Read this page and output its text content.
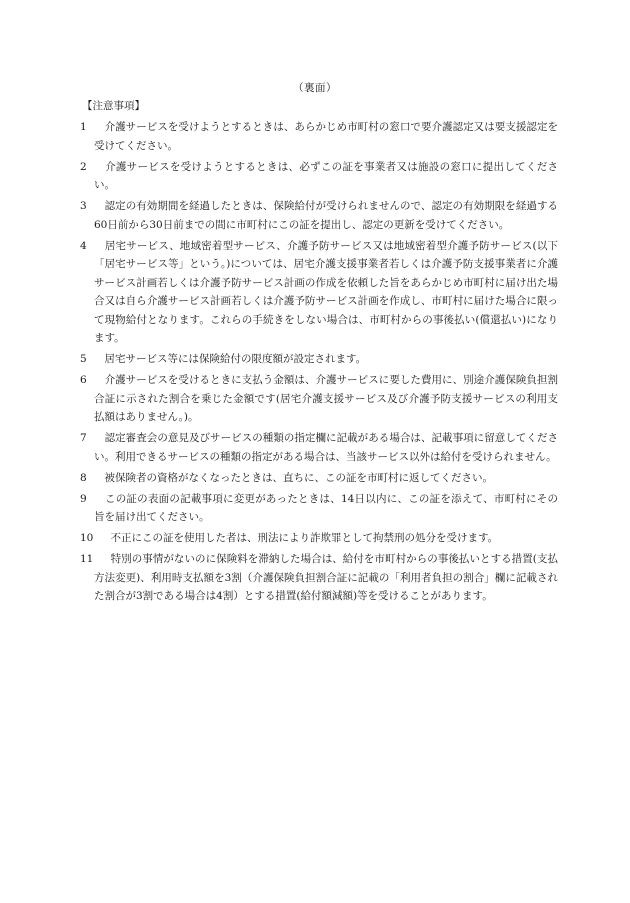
（裏面）
【注意事項】
1　介護サービスを受けようとするときは、あらかじめ市町村の窓口で要介護認定又は要支援認定を受けてください。
2　介護サービスを受けようとするときは、必ずこの証を事業者又は施設の窓口に提出してください。
3　認定の有効期間を経過したときは、保険給付が受けられませんので、認定の有効期限を経過する60日前から30日前までの間に市町村にこの証を提出し、認定の更新を受けてください。
4　居宅サービス、地域密着型サービス、介護予防サービス又は地域密着型介護予防サービス(以下「居宅サービス等」という。)については、居宅介護支援事業者若しくは介護予防支援事業者に介護サービス計画若しくは介護予防サービス計画の作成を依頼した旨をあらかじめ市町村に届け出た場合又は自ら介護サービス計画若しくは介護予防サービス計画を作成し、市町村に届けた場合に限って現物給付となります。これらの手続きをしない場合は、市町村からの事後払い(償還払い)になります。
5　居宅サービス等には保険給付の限度額が設定されます。
6　介護サービスを受けるときに支払う金額は、介護サービスに要した費用に、別途介護保険負担割合証に示された割合を乗じた金額です(居宅介護支援サービス及び介護予防支援サービスの利用支払額はありません。)。
7　認定審査会の意見及びサービスの種類の指定欄に記載がある場合は、記載事項に留意してください。利用できるサービスの種類の指定がある場合は、当該サービス以外は給付を受けられません。
8　被保険者の資格がなくなったときは、直ちに、この証を市町村に返してください。
9　この証の表面の記載事項に変更があったときは、14日以内に、この証を添えて、市町村にその旨を届け出てください。
10　不正にこの証を使用した者は、刑法により詐欺罪として拘禁刑の処分を受けます。
11　特別の事情がないのに保険料を滞納した場合は、給付を市町村からの事後払いとする措置(支払方法変更)、利用時支払額を3割（介護保険負担割合証に記載の「利用者負担の割合」欄に記載された割合が3割である場合は4割）とする措置(給付額減額)等を受けることがあります。
